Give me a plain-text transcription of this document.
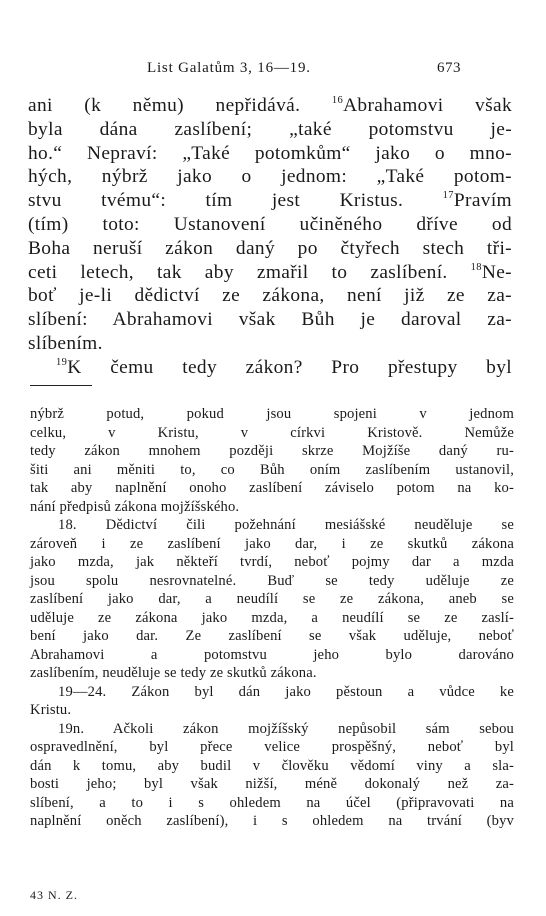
List Galatům 3, 16—19.	673
ani (k němu) nepřidává. $^{16}$Abrahamovi však
byla dána zaslíbení; „také potomstvu je-
ho.“ Nepraví: „Také potomkům“ jako o mno-
hých, nýbrž jako o jednom: „Také potom-
stvu tvému“: tím jest Kristus. $^{17}$Pravím
(tím) toto: Ustanovení učiněného dříve od
Boha neruší zákon daný po čtyřech stech tři-
ceti letech, tak aby zmařil to zaslíbení. $^{18}$Ne-
boť je-li dědictví ze zákona, není již ze za-
slíbení: Abrahamovi však Bůh je daroval za-
slíbením.
$^{19}$K čemu tedy zákon? Pro přestupy byl
nýbrž potud, pokud jsou spojeni v jednom
celku, v Kristu, v církvi Kristově. Nemůže
tedy zákon mnohem později skrze Mojžíše daný ru-
šiti ani měniti to, co Bůh oním zaslíbením ustanovil,
tak aby naplnění onoho zaslíbení záviselo potom na ko-
nání předpisů zákona mojžíšského.
18. Dědictví čili požehnání mesiášské neuděluje se
zároveň i ze zaslíbení jako dar, i ze skutků zákona
jako mzda, jak někteří tvrdí, neboť pojmy dar a mzda
jsou spolu nesrovnatelné. Buď se tedy uděluje ze
zaslíbení jako dar, a neudílí se ze zákona, aneb se
uděluje ze zákona jako mzda, a neudílí se ze zaslí-
bení jako dar. Ze zaslíbení se však uděluje, neboť
Abrahamovi a potomstvu jeho bylo darováno
zaslíbením, neuděluje se tedy ze skutků zákona.
19—24. Zákon byl dán jako pěstoun a vůdce ke
Kristu.
19n. Ačkoli zákon mojžíšský nepůsobil sám sebou
ospravedlnění, byl přece velice prospěšný, neboť byl
dán k tomu, aby budil v člověku vědomí viny a sla-
bosti jeho; byl však nižší, méně dokonalý než za-
slíbení, a to i s ohledem na účel (připravovati na
naplnění oněch zaslíbení), i s ohledem na trvání (byv
43 N. Z.
